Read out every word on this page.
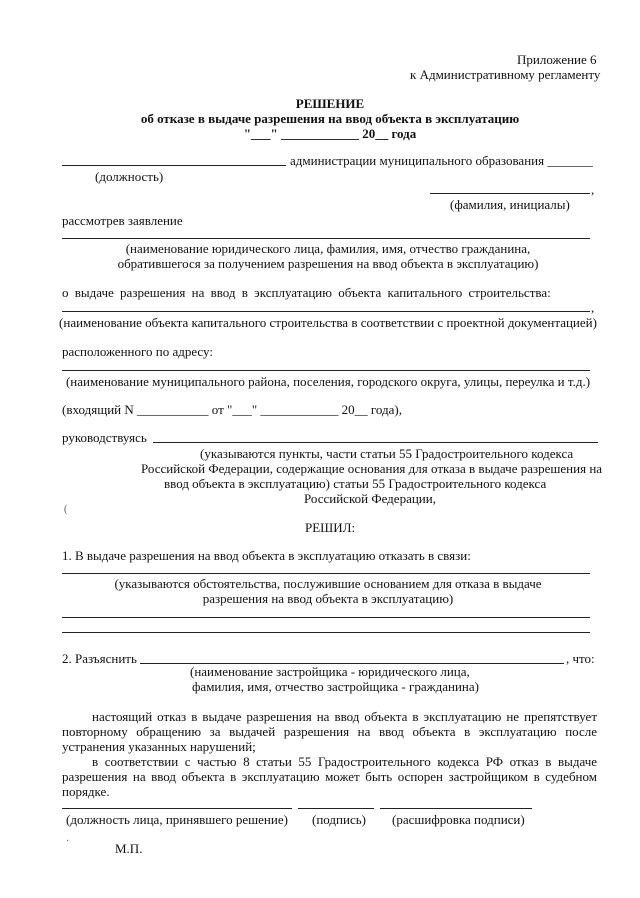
Приложение 6
к Административному регламенту
РЕШЕНИЕ
об отказе в выдаче разрешения на ввод объекта в эксплуатацию
"___" ____________ 20__ года
администрации муниципального образования _______
(должность)
,
(фамилия, инициалы)
рассмотрев заявление
(наименование юридического лица, фамилия, имя, отчество гражданина,
обратившегося за получением разрешения на ввод объекта в эксплуатацию)
о выдаче разрешения на ввод в эксплуатацию объекта капитального строительства:
,
(наименование объекта капитального строительства в соответствии с проектной документацией)
расположенного по адресу:
(наименование муниципального района, поселения, городского округа, улицы, переулка и т.д.)
(входящий N ___________ от "___" ____________ 20__ года),
руководствуясь
(указываются пункты, части статьи 55 Градостроительного кодекса
Российской Федерации, содержащие основания для отказа в выдаче разрешения на
ввод объекта в эксплуатацию) статьи 55 Градостроительного кодекса
Российской Федерации,
РЕШИЛ:
1. В выдаче разрешения на ввод объекта в эксплуатацию отказать в связи:
(указываются обстоятельства, послужившие основанием для отказа в выдаче
разрешения на ввод объекта в эксплуатацию)
2. Разъяснить	, что:
(наименование застройщика - юридического лица,
фамилия, имя, отчество застройщика - гражданина)
настоящий отказ в выдаче разрешения на ввод объекта в эксплуатацию не препятствует повторному обращению за выдачей разрешения на ввод объекта в эксплуатацию после устранения указанных нарушений;
в соответствии с частью 8 статьи 55 Градостроительного кодекса РФ отказ в выдаче разрешения на ввод объекта в эксплуатацию может быть оспорен застройщиком в судебном порядке.
(должность лица, принявшего решение) (подпись) (расшифровка подписи)
М.П.
(
·
